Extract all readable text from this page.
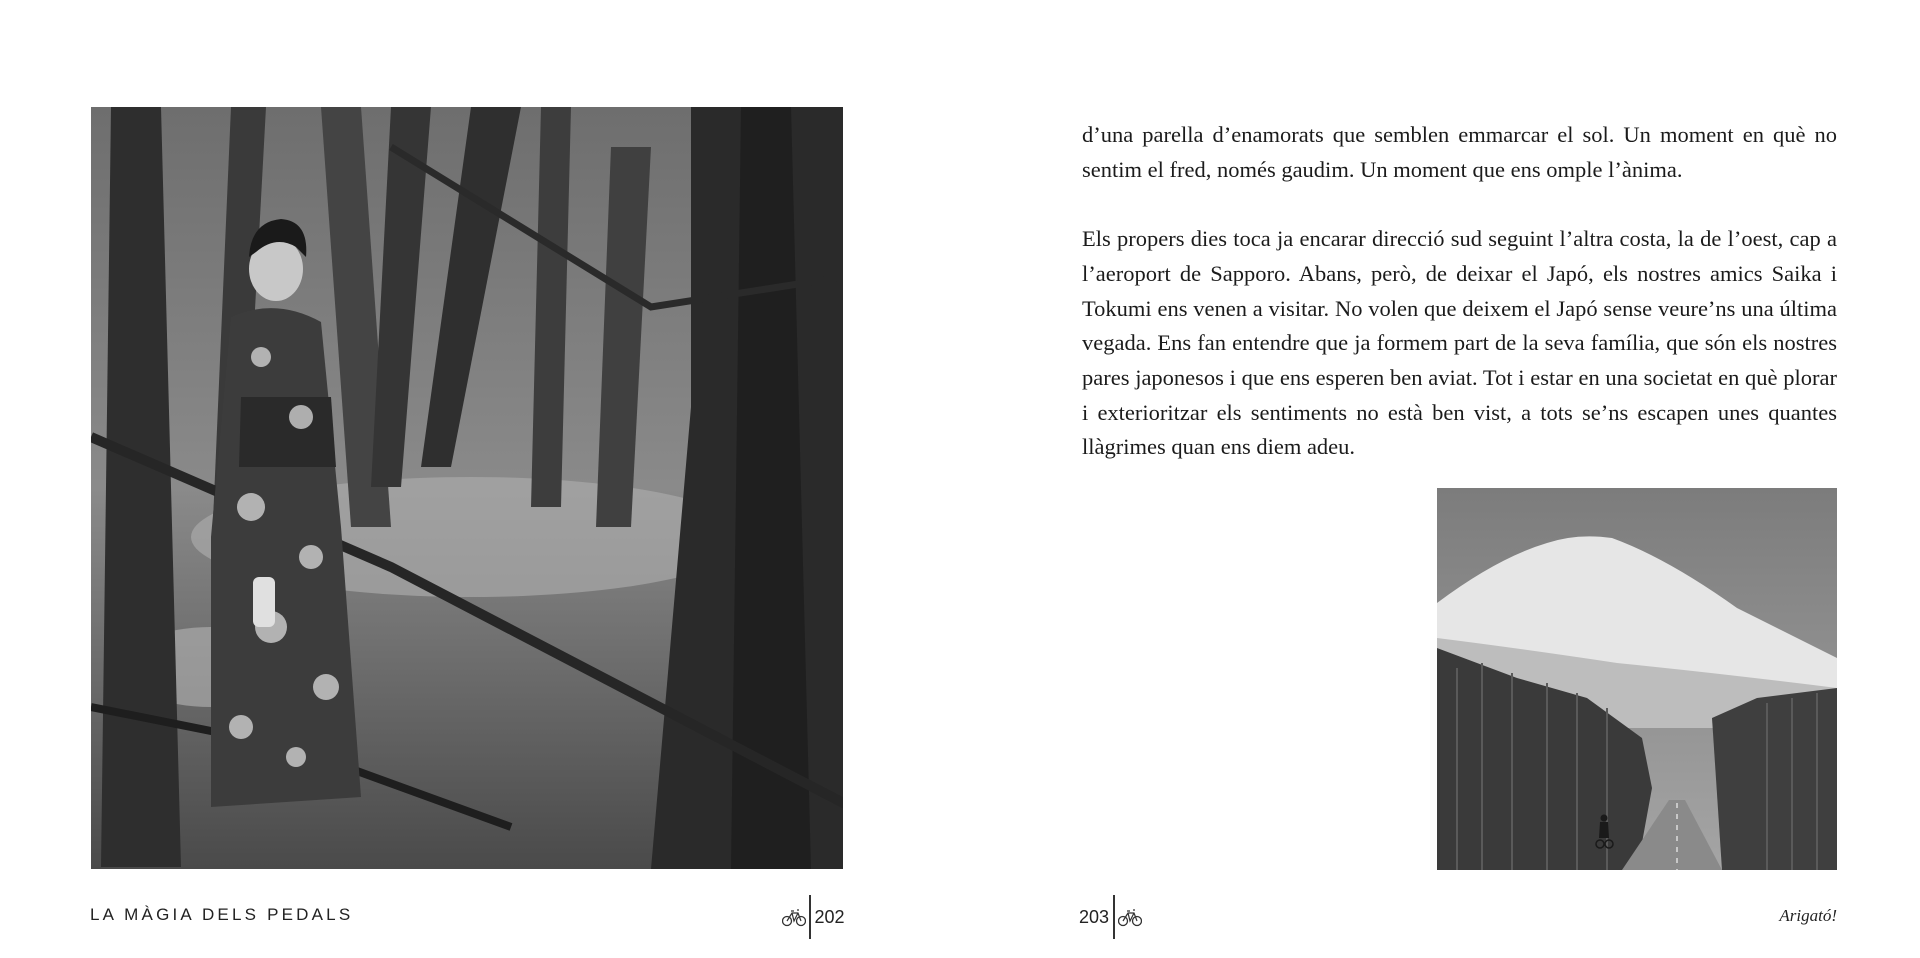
LA MÀGIA DELS PEDALS	202

d’una parella d’enamorats que semblen emmarcar el sol. Un moment en què no sentim el fred, només gaudim. Un moment que ens omple l’ànima.

Els propers dies toca ja encarar direcció sud seguint l’altra costa, la de l’oest, cap a l’aeroport de Sapporo. Abans, però, de deixar el Japó, els nostres amics Saika i Tokumi ens venen a visitar. No volen que deixem el Japó sense veure’ns una última vegada. Ens fan entendre que ja formem part de la seva família, que són els nostres pares japonesos i que ens esperen ben aviat. Tot i estar en una societat en què plorar i exterioritzar els sentiments no està ben vist, a tots se’ns escapen unes quantes llàgrimes quan ens diem adeu.

203	Arigató!
